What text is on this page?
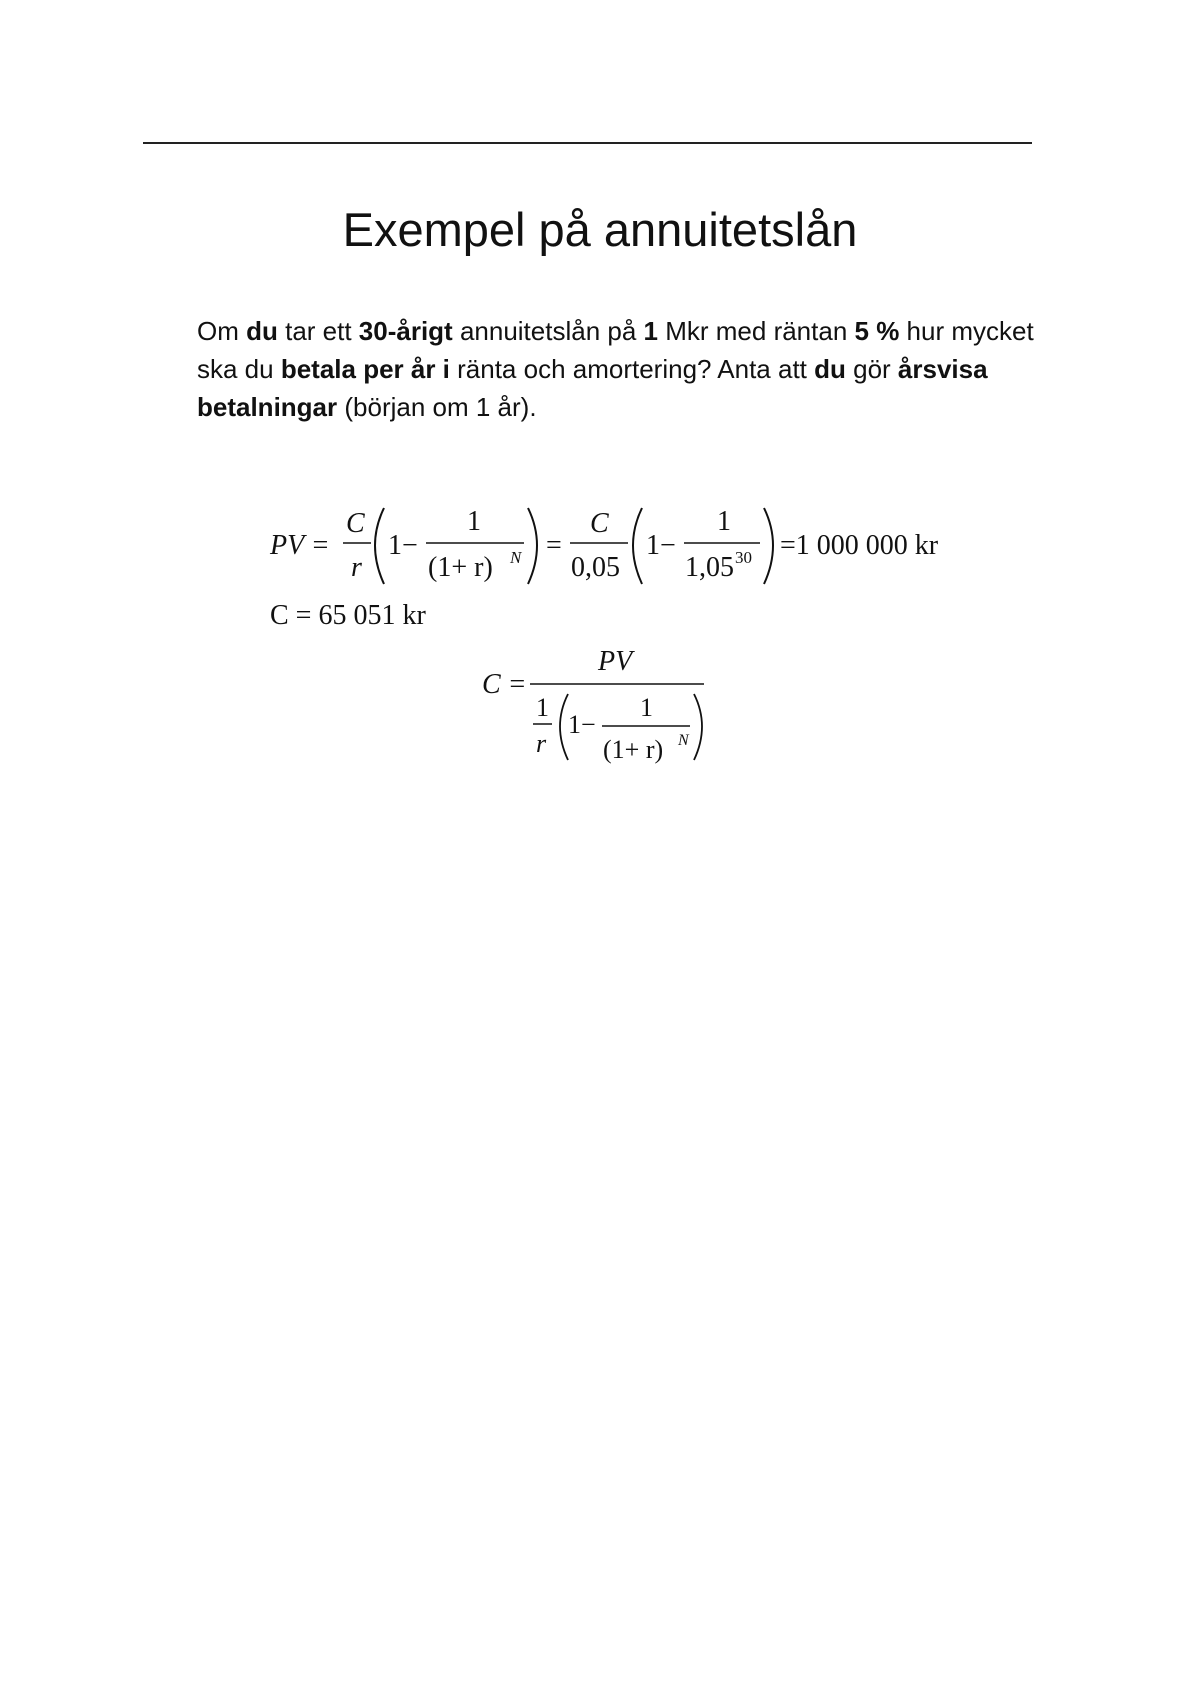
Exempel på annuitetslån

Om du tar ett 30-årigt annuitetslån på 1 Mkr med räntan 5 % hur mycket ska du betala per år i ränta och amortering? Anta att du gör årsvisa betalningar (början om 1 år).

PV =
C
r
1−
1
(1+ r) N =
C
0,05
1−
1
1,05 30 =1 000 000 kr
C = 65 051 kr
C =
PV
1
r
1−
1
(1+ r) N
